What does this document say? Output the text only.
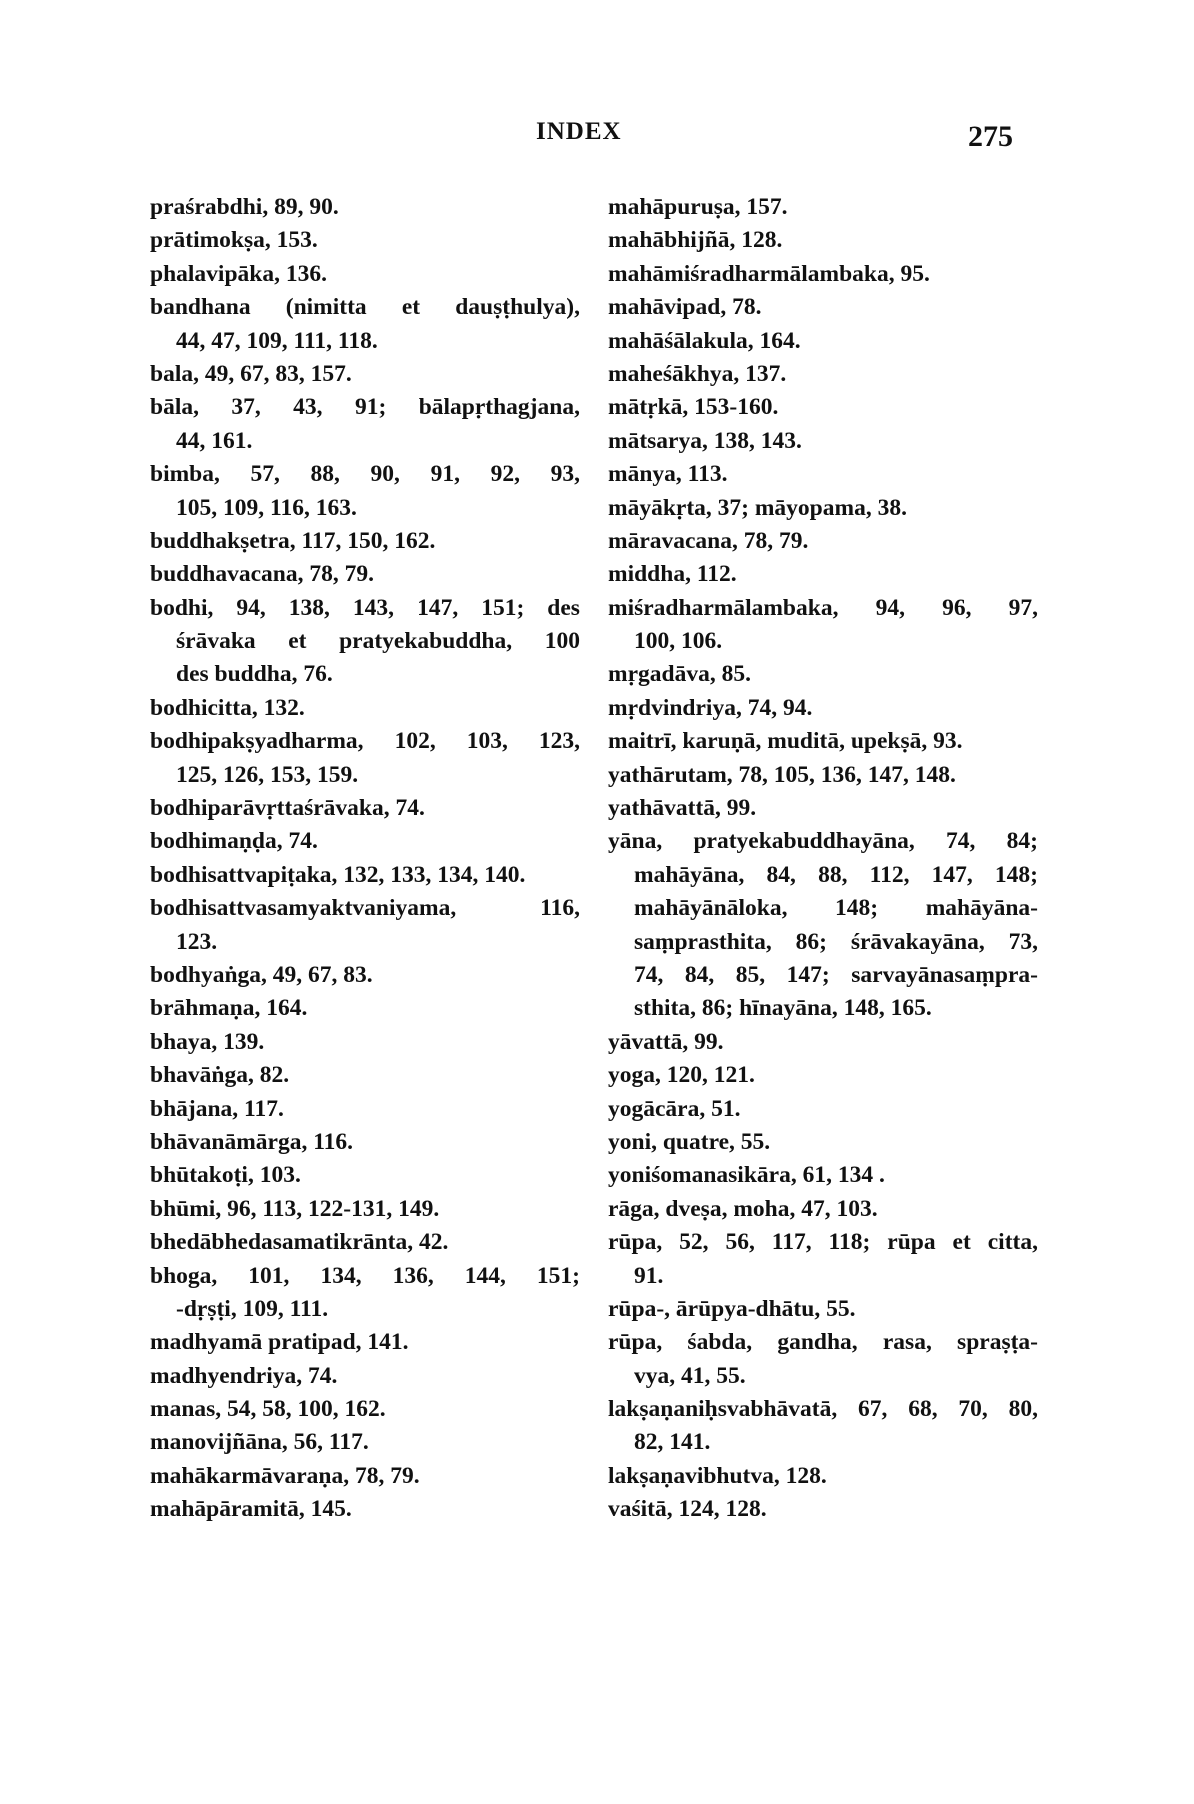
INDEX	275
praśrabdhi, 89, 90.
prātimokṣa, 153.
phalavipāka, 136.
bandhana (nimitta et dauṣṭhulya),
44, 47, 109, 111, 118.
bala, 49, 67, 83, 157.
bāla, 37, 43, 91; bālapṛthagjana,
44, 161.
bimba, 57, 88, 90, 91, 92, 93,
105, 109, 116, 163.
buddhakṣetra, 117, 150, 162.
buddhavacana, 78, 79.
bodhi, 94, 138, 143, 147, 151; des
śrāvaka et pratyekabuddha, 100
des buddha, 76.
bodhicitta, 132.
bodhipakṣyadharma, 102, 103, 123,
125, 126, 153, 159.
bodhiparāvṛttaśrāvaka, 74.
bodhimaṇḍa, 74.
bodhisattvapiṭaka, 132, 133, 134, 140.
bodhisattvasamyaktvaniyama,	116,
123.
bodhyaṅga, 49, 67, 83.
brāhmaṇa, 164.
bhaya, 139.
bhavāṅga, 82.
bhājana, 117.
bhāvanāmārga, 116.
bhūtakoṭi, 103.
bhūmi, 96, 113, 122-131, 149.
bhedābhedasamatikrānta, 42.
bhoga, 101, 134, 136, 144, 151;
-dṛṣṭi, 109, 111.
madhyamā pratipad, 141.
madhyendriya, 74.
manas, 54, 58, 100, 162.
manovijñāna, 56, 117.
mahākarmāvaraṇa, 78, 79.
mahāpāramitā, 145.
mahāpuruṣa, 157.
mahābhijñā, 128.
mahāmiśradharmālambaka, 95.
mahāvipad, 78.
mahāśālakula, 164.
maheśākhya, 137.
mātṛkā, 153-160.
mātsarya, 138, 143.
mānya, 113.
māyākṛta, 37; māyopama, 38.
māravacana, 78, 79.
middha, 112.
miśradharmālambaka, 94, 96, 97,
100, 106.
mṛgadāva, 85.
mṛdvindriya, 74, 94.
maitrī, karuṇā, muditā, upekṣā, 93.
yathārutam, 78, 105, 136, 147, 148.
yathāvattā, 99.
yāna, pratyekabuddhayāna, 74, 84;
mahāyāna, 84, 88, 112, 147, 148;
mahāyānāloka, 148; mahāyāna-
saṃprasthita, 86; śrāvakayāna, 73,
74, 84, 85, 147; sarvayānasaṃpra-
sthita, 86; hīnayāna, 148, 165.
yāvattā, 99.
yoga, 120, 121.
yogācāra, 51.
yoni, quatre, 55.
yoniśomanasikāra, 61, 134 .
rāga, dveṣa, moha, 47, 103.
rūpa, 52, 56, 117, 118; rūpa et citta,
91.
rūpa-, ārūpya-dhātu, 55.
rūpa, śabda, gandha, rasa, spraṣṭa-
vya, 41, 55.
lakṣaṇaniḥsvabhāvatā, 67, 68, 70, 80,
82, 141.
lakṣaṇavibhutva, 128.
vaśitā, 124, 128.
